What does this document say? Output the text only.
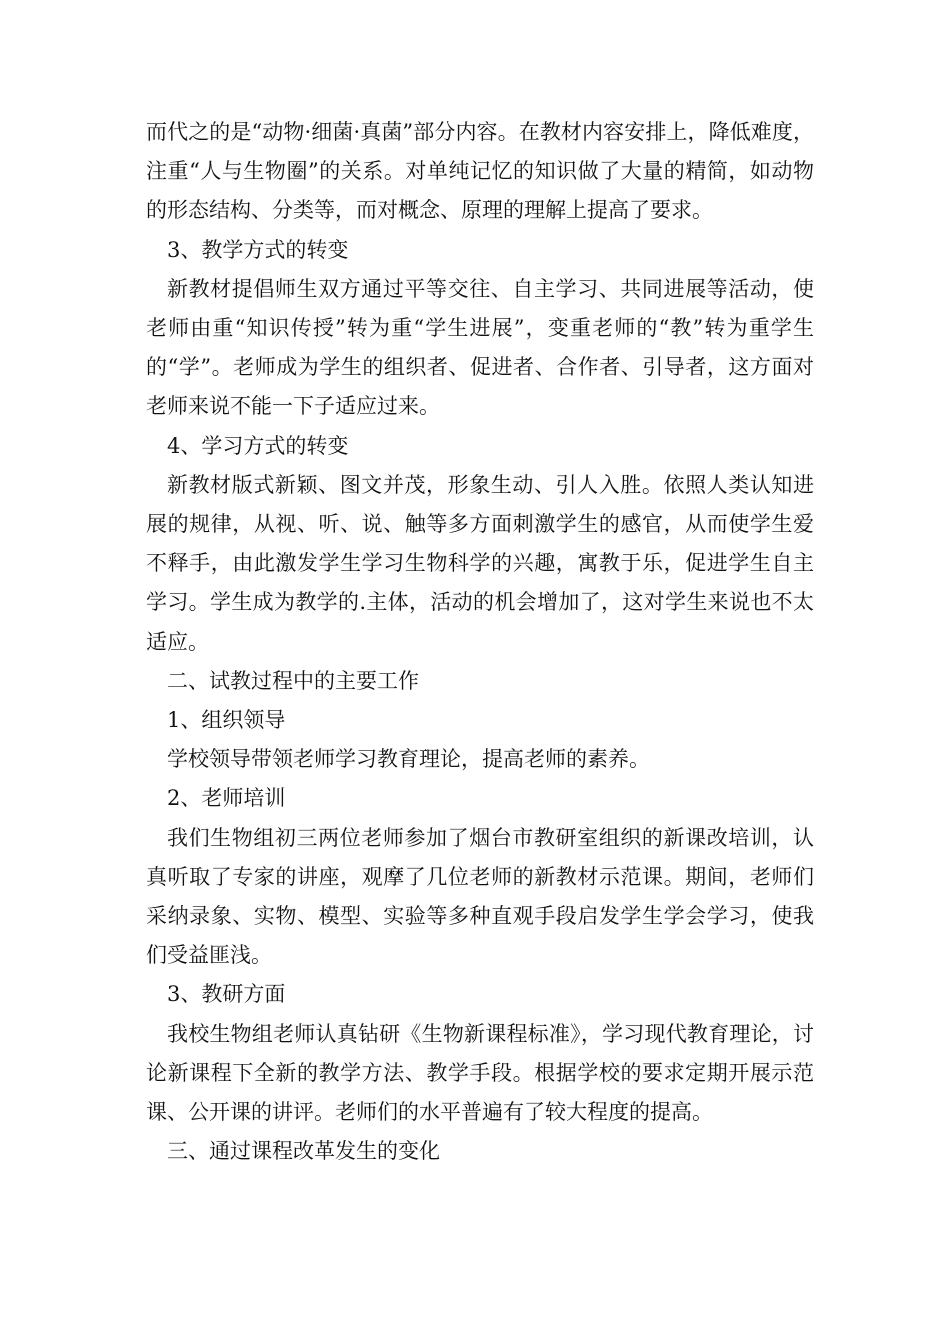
而代之的是“动物·细菌·真菌”部分内容。在教材内容安排上，降低难度，注重“人与生物圈”的关系。对单纯记忆的知识做了大量的精简，如动物的形态结构、分类等，而对概念、原理的理解上提高了要求。

3、教学方式的转变

新教材提倡师生双方通过平等交往、自主学习、共同进展等活动，使老师由重“知识传授”转为重“学生进展”，变重老师的“教”转为重学生的“学”。老师成为学生的组织者、促进者、合作者、引导者，这方面对老师来说不能一下子适应过来。

4、学习方式的转变

新教材版式新颖、图文并茂，形象生动、引人入胜。依照人类认知进展的规律，从视、听、说、触等多方面刺激学生的感官，从而使学生爱不释手，由此激发学生学习生物科学的兴趣，寓教于乐，促进学生自主学习。学生成为教学的.主体，活动的机会增加了，这对学生来说也不太适应。

二、试教过程中的主要工作

1、组织领导

学校领导带领老师学习教育理论，提高老师的素养。

2、老师培训

我们生物组初三两位老师参加了烟台市教研室组织的新课改培训，认真听取了专家的讲座，观摩了几位老师的新教材示范课。期间，老师们采纳录象、实物、模型、实验等多种直观手段启发学生学会学习，使我们受益匪浅。

3、教研方面

我校生物组老师认真钻研《生物新课程标准》，学习现代教育理论，讨论新课程下全新的教学方法、教学手段。根据学校的要求定期开展示范课、公开课的讲评。老师们的水平普遍有了较大程度的提高。

三、通过课程改革发生的变化
